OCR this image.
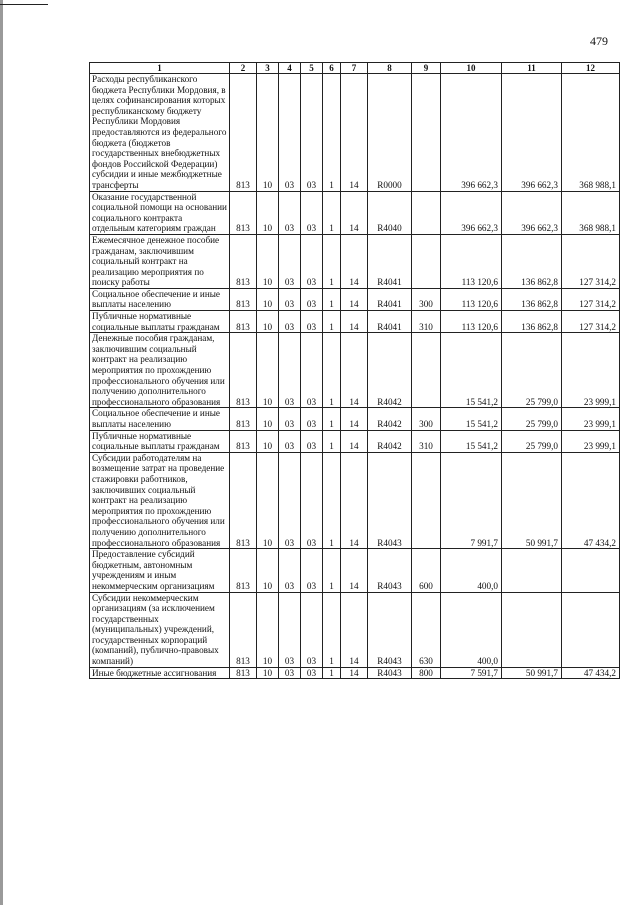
479
1	2	3	4	5	6	7	8	9	10	11	12
Расходы республиканского бюджета Республики Мордовия, в целях софинансирования которых республиканскому бюджету Республики Мордовия предоставляются из федерального бюджета (бюджетов государственных внебюджетных фондов Российской Федерации) субсидии и иные межбюджетные трансферты	813	10	03	03	1	14	R0000		396 662,3	396 662,3	368 988,1
Оказание государственной социальной помощи на основании социального контракта отдельным категориям граждан	813	10	03	03	1	14	R4040		396 662,3	396 662,3	368 988,1
Ежемесячное денежное пособие гражданам, заключившим социальный контракт на реализацию мероприятия по поиску работы	813	10	03	03	1	14	R4041		113 120,6	136 862,8	127 314,2
Социальное обеспечение и иные выплаты населению	813	10	03	03	1	14	R4041	300	113 120,6	136 862,8	127 314,2
Публичные нормативные социальные выплаты гражданам	813	10	03	03	1	14	R4041	310	113 120,6	136 862,8	127 314,2
Денежные пособия гражданам, заключившим социальный контракт на реализацию мероприятия по прохождению профессионального обучения или получению дополнительного профессионального образования	813	10	03	03	1	14	R4042		15 541,2	25 799,0	23 999,1
Социальное обеспечение и иные выплаты населению	813	10	03	03	1	14	R4042	300	15 541,2	25 799,0	23 999,1
Публичные нормативные социальные выплаты гражданам	813	10	03	03	1	14	R4042	310	15 541,2	25 799,0	23 999,1
Субсидии работодателям на возмещение затрат на проведение стажировки работников, заключивших социальный контракт на реализацию мероприятия по прохождению профессионального обучения или получению дополнительного профессионального образования	813	10	03	03	1	14	R4043		7 991,7	50 991,7	47 434,2
Предоставление субсидий бюджетным, автономным учреждениям и иным некоммерческим организациям	813	10	03	03	1	14	R4043	600	400,0		
Субсидии некоммерческим организациям (за исключением государственных (муниципальных) учреждений, государственных корпораций (компаний), публично-правовых компаний)	813	10	03	03	1	14	R4043	630	400,0		
Иные бюджетные ассигнования	813	10	03	03	1	14	R4043	800	7 591,7	50 991,7	47 434,2
